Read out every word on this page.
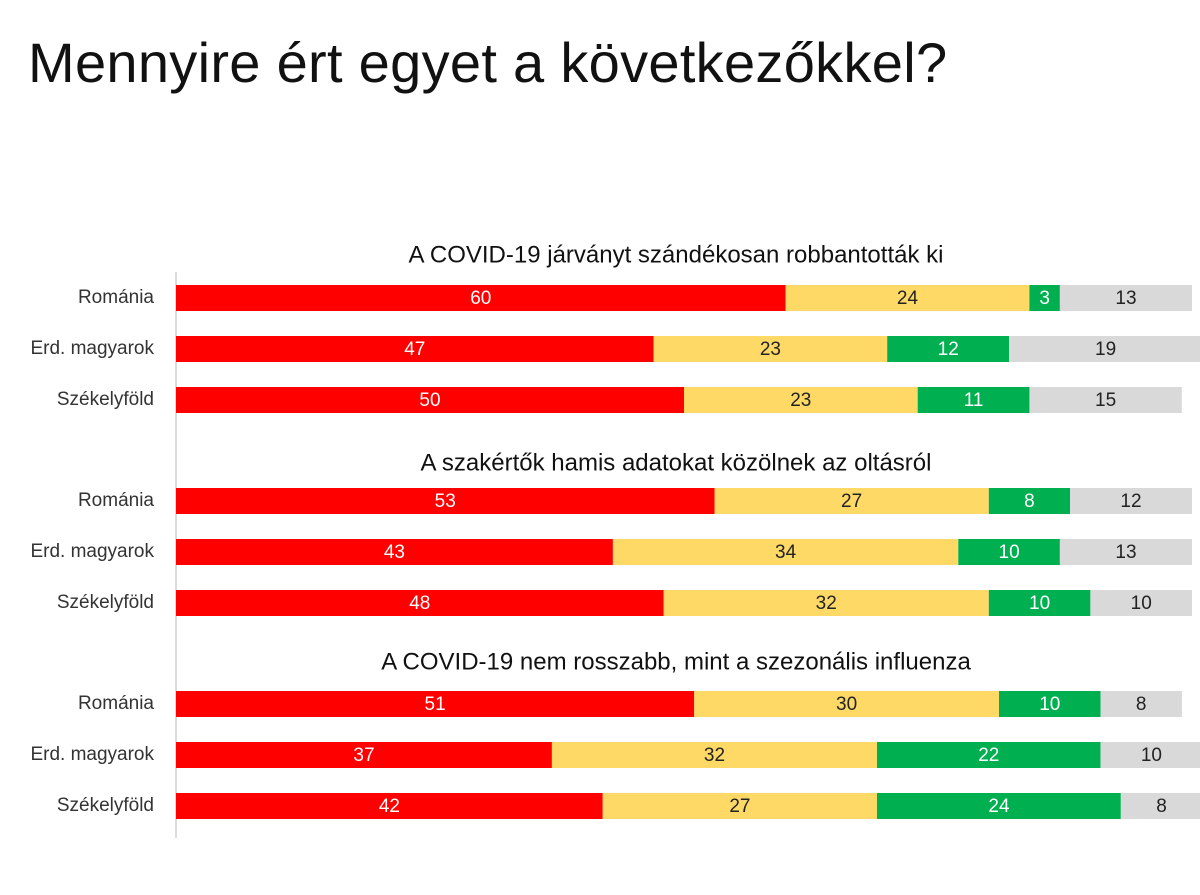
Mennyire ért egyet a következőkkel?
A COVID-19 járványt szándékosan robbantották ki
Románia	60	24	3	13
Erd. magyarok	47	23	12	19
Székelyföld	50	23	11	15
A szakértők hamis adatokat közölnek az oltásról
Románia	53	27	8	12
Erd. magyarok	43	34	10	13
Székelyföld	48	32	10	10
A COVID-19 nem rosszabb, mint a szezonális influenza
Románia	51	30	10	8
Erd. magyarok	37	32	22	10
Székelyföld	42	27	24	8
